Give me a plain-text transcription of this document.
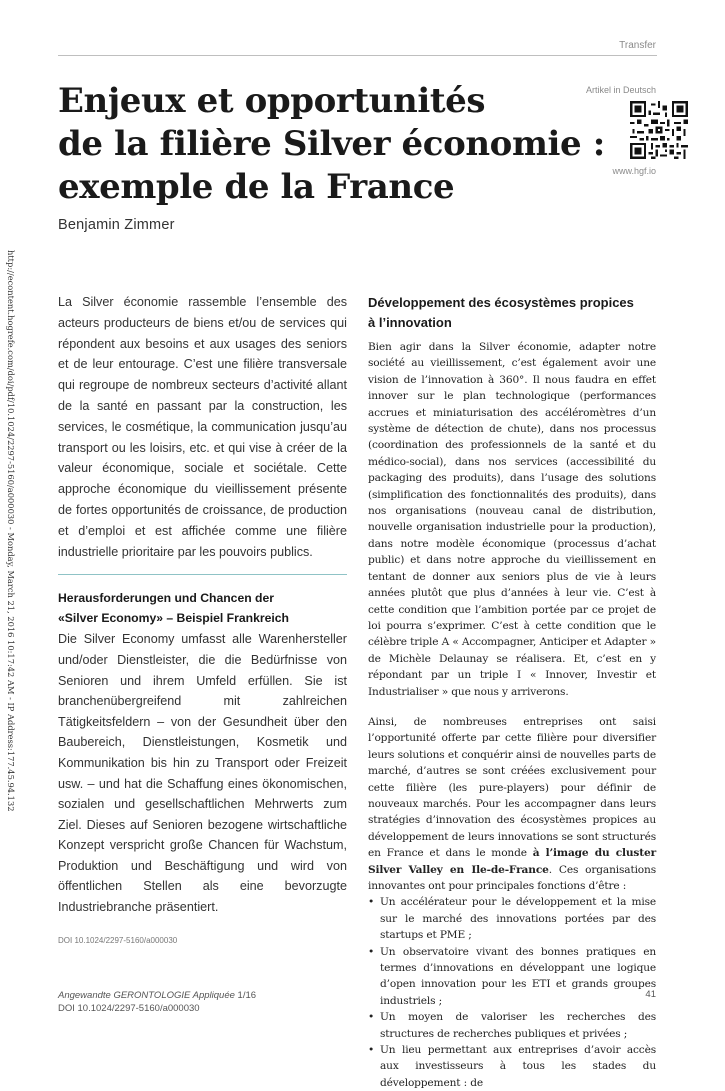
Transfer
Enjeux et opportunités
de la filière Silver économie :
exemple de la France
Benjamin Zimmer
Artikel in Deutsch
www.hgf.io
http://econtent.hogrefe.com/doi/pdf/10.1024/2297-5160/a000030 - Monday, March 21, 2016 10:17:42 AM - IP Address:177.45.94.132	La Silver économie rassemble l’ensemble des acteurs producteurs de biens et/ou de services qui répondent aux besoins et aux usages des seniors et de leur entourage. C’est une filière transversale qui regroupe de nombreux secteurs d’activité allant de la santé en passant par la construction, les services, le cosmétique, la communication jusqu’au transport ou les loisirs, etc. et qui vise à créer de la valeur économique, sociale et sociétale. Cette approche économique du vieillissement présente de fortes opportunités de croissance, de production et d’emploi et est affichée comme une filière industrielle prioritaire par les pouvoirs publics.

Herausforderungen und Chancen der
«Silver Economy» – Beispiel Frankreich

Die Silver Economy umfasst alle Warenhersteller und/oder Dienstleister, die die Bedürfnisse von Senioren und ihrem Umfeld erfüllen. Sie ist branchenübergreifend mit zahlreichen Tätigkeitsfeldern – von der Gesundheit über den Baubereich, Dienstleistungen, Kosmetik und Kommunikation bis hin zu Transport oder Freizeit usw. – und hat die Schaffung eines ökonomischen, sozialen und gesellschaftlichen Mehrwerts zum Ziel. Dieses auf Senioren bezogene wirtschaftliche Konzept verspricht große Chancen für Wachstum, Produktion und Beschäftigung und wird von öffentlichen Stellen als eine bevorzugte Industriebranche präsentiert.

DOI 10.1024/2297-5160/a000030
Développement des écosystèmes propices
à l’innovation

Bien agir dans la Silver économie, adapter notre société au vieillissement, c’est également avoir une vision de l’innovation à 360°. Il nous faudra en effet innover sur le plan technologique (performances accrues et miniaturisation des accéléromètres d’un système de détection de chute), dans nos processus (coordination des professionnels de la santé et du médico-social), dans nos services (accessibilité du packaging des produits), dans l’usage des solutions (simplification des fonctionnalités des produits), dans nos organisations (nouveau canal de distribution, nouvelle organisation industrielle pour la production), dans notre modèle économique (processus d’achat public) et dans notre approche du vieillissement en tentant de donner aux seniors plus de vie à leurs années plutôt que plus d’années à leur vie. C’est à cette condition que l’ambition portée par ce projet de loi pourra s’exprimer. C’est à cette condition que le célèbre triple A « Accompagner, Anticiper et Adapter » de Michèle Delaunay se réalisera. Et, c’est en y répondant par un triple I « Innover, Investir et Industrialiser » que nous y arriverons.

Ainsi, de nombreuses entreprises ont saisi l’opportunité offerte par cette filière pour diversifier leurs solutions et conquérir ainsi de nouvelles parts de marché, d’autres se sont créées exclusivement pour cette filière (les pure-players) pour définir de nouveaux marchés. Pour les accompagner dans leurs stratégies d’innovation des écosystèmes propices au développement de leurs innovations se sont structurés en France et dans le monde à l’image du cluster Silver Valley en Ile-de-France. Ces organisations innovantes ont pour principales fonctions d’être :

• Un accélérateur pour le développement et la mise sur le marché des innovations portées par des startups et PME ;
• Un observatoire vivant des bonnes pratiques en termes d’innovations en développant une logique d’open innovation pour les ETI et grands groupes industriels ;
• Un moyen de valoriser les recherches des structures de recherches publiques et privées ;
• Un lieu permettant aux entreprises d’avoir accès aux investisseurs à tous les stades du développement : de
Angewandte GERONTOLOGIE Appliquée 1/16
DOI 10.1024/2297-5160/a000030
41
